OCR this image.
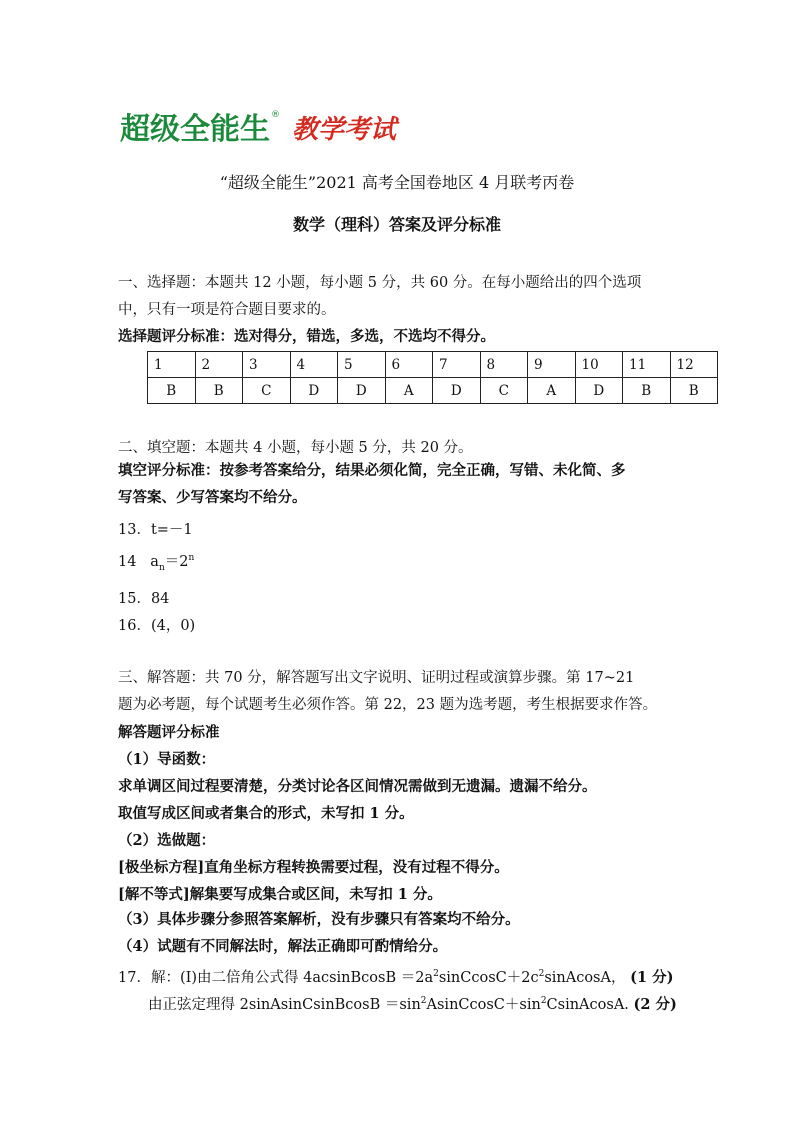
超级全能生 ® 教学考试
“超级全能生”2021 高考全国卷地区 4 月联考丙卷
数学（理科）答案及评分标准
一、选择题：本题共 12 小题，每小题 5 分，共 60 分。在每小题给出的四个选项
中，只有一项是符合题目要求的。
选择题评分标准：选对得分，错选，多选，不选均不得分。
1	2	3	4	5	6	7	8	9	10	11	12
B	B	C	D	D	A	D	C	A	D	B	B
二、填空题：本题共 4 小题，每小题 5 分，共 20 分。
填空评分标准：按参考答案给分，结果必须化简，完全正确，写错、未化简、多
写答案、少写答案均不给分。
13．t=－1
14 $a_n=2^n$
15．84
16．(4，0)
三、解答题：共 70 分，解答题写出文字说明、证明过程或演算步骤。第 17~21
题为必考题，每个试题考生必须作答。第 22，23 题为选考题，考生根据要求作答。
解答题评分标准
（1）导函数：
求单调区间过程要清楚，分类讨论各区间情况需做到无遗漏。遗漏不给分。
取值写成区间或者集合的形式，未写扣 1 分。
（2）选做题：
[极坐标方程]直角坐标方程转换需要过程，没有过程不得分。
[解不等式]解集要写成集合或区间，未写扣 1 分。
（3）具体步骤分参照答案解析，没有步骤只有答案均不给分。
（4）试题有不同解法时，解法正确即可酌情给分。
17．解：(Ⅰ)由二倍角公式得 4acsinBcosB $=2a^2sinCcosC+2c^2sinAcosA$， (1 分)
由正弦定理得 2sinAsinCsinBcosB $=\sin^2AsinCcosC+\sin^2CsinAcosA$. (2 分)
